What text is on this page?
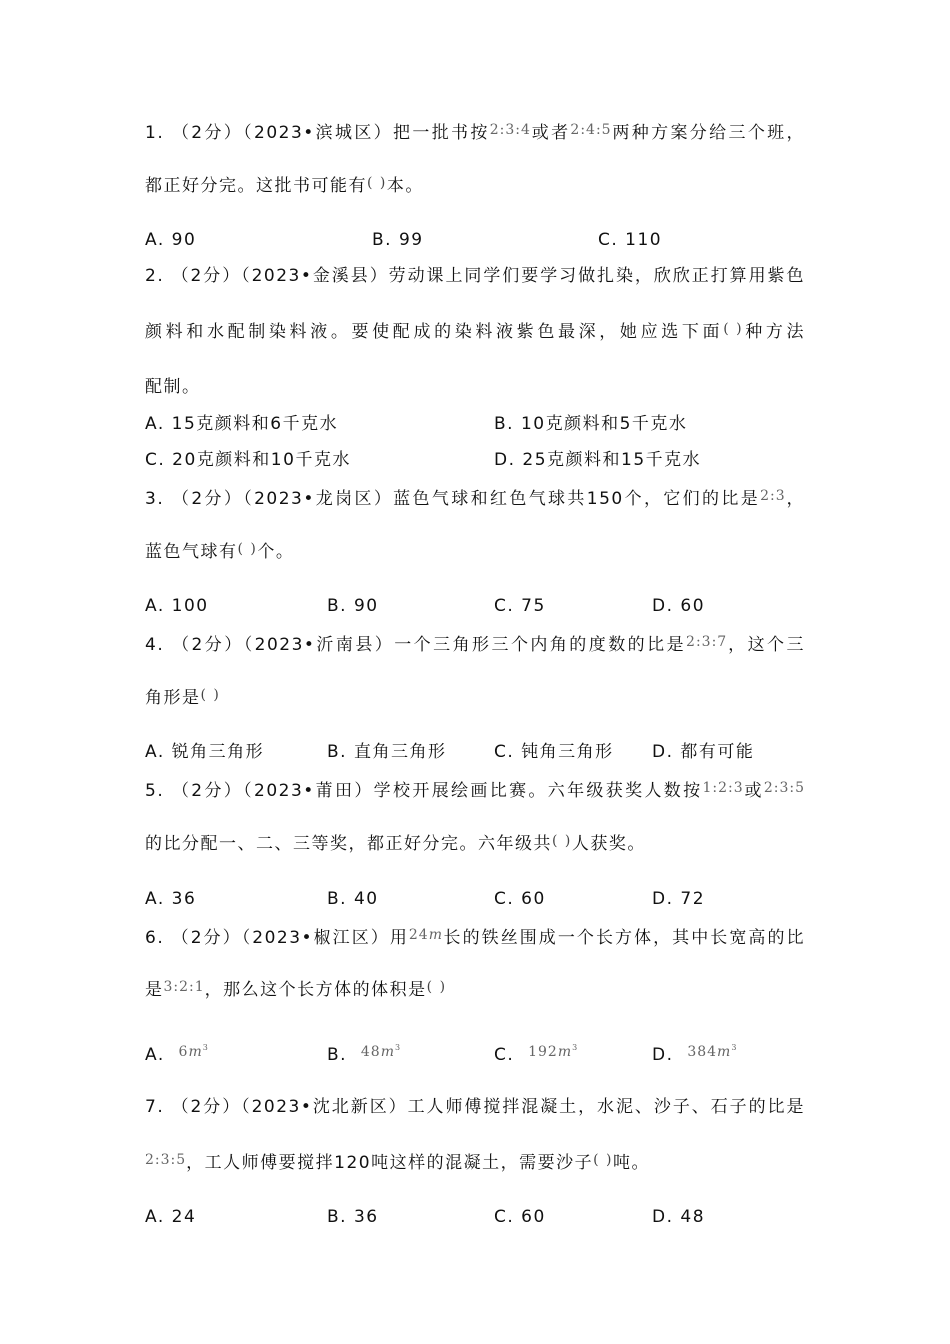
1. （2分）（2023•滨城区）把一批书按$^{2:3:4}$或者$^{2:4:5}$两种方案分给三个班，
都正好分完。这批书可能有( )本。
A. 90	B. 99	C. 110
2. （2分）（2023•金溪县）劳动课上同学们要学习做扎染，欣欣正打算用紫色
颜料和水配制染料液。要使配成的染料液紫色最深，她应选下面( )种方法
配制。
A. 15克颜料和6千克水	B. 10克颜料和5千克水
C. 20克颜料和10千克水	D. 25克颜料和15千克水
3. （2分）（2023•龙岗区）蓝色气球和红色气球共150个，它们的比是$^{2:3}$，
蓝色气球有( )个。
A. 100	B. 90	C. 75	D. 60
4. （2分）（2023•沂南县）一个三角形三个内角的度数的比是$^{2:3:7}$，这个三
角形是( )
A. 锐角三角形	B. 直角三角形	C. 钝角三角形 D. 都有可能
5. （2分）（2023•莆田）学校开展绘画比赛。六年级获奖人数按$^{1:2:3}$或$^{2:3:5}$
的比分配一、二、三等奖，都正好分完。六年级共( )人获奖。
A. 36	B. 40	C. 60	D. 72
6. （2分）（2023•椒江区）用$^{24m}$长的铁丝围成一个长方体，其中长宽高的比
是$^{3:2:1}$，那么这个长方体的体积是( )
A. $^{6m^3}$	B. $^{48m^3}$	C. $^{192m^3}$	D. $^{384m^3}$
7. （2分）（2023•沈北新区）工人师傅搅拌混凝土，水泥、沙子、石子的比是
$^{2:3:5}$，工人师傅要搅拌120吨这样的混凝土，需要沙子( )吨。
A. 24	B. 36	C. 60	D. 48
